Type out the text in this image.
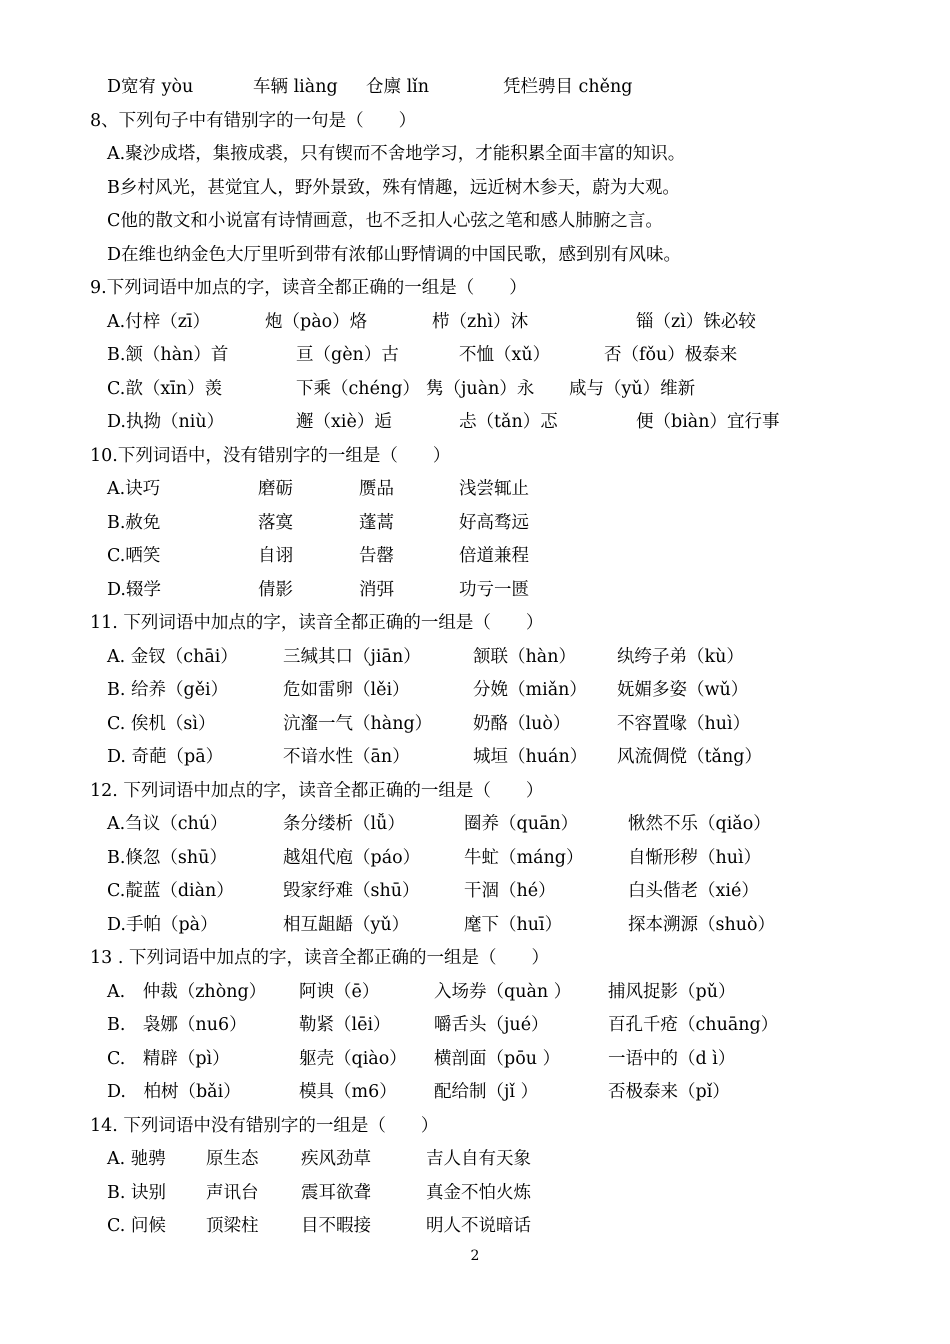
D宽宥 yòu	车辆 liàng 仓廪 lǐn	凭栏骋目 chěng
8、下列句子中有错别字的一句是（　　）
A.聚沙成塔，集掖成裘，只有锲而不舍地学习，才能积累全面丰富的知识。
B乡村风光，甚觉宜人，野外景致，殊有情趣，远近树木参天，蔚为大观。
C他的散文和小说富有诗情画意，也不乏扣人心弦之笔和感人肺腑之言。
D在维也纳金色大厅里听到带有浓郁山野情调的中国民歌，感到别有风味。
9.下列词语中加点的字，读音全都正确的一组是（　　）
A.付梓（zī）	炮（pào）烙	栉（zhì）沐	锱（zì）铢必较
B.颔（hàn）首	亘（gèn）古	不恤（xǔ）	否（fǒu）极泰来
C.歆（xīn）羡	下乘（chéng） 隽（juàn）永 咸与（yǔ）维新
D.执拗（niù）	邂（xiè）逅	忐（tǎn）忑	便（biàn）宜行事
10.下列词语中，没有错别字的一组是（　　）
A.诀巧	磨砺	赝品	浅尝辄止
B.赦免	落寞	蓬蒿	好高骛远
C.哂笑	自诩	告罄	倍道兼程
D.辍学	倩影	消弭	功亏一匮
11. 下列词语中加点的字，读音全都正确的一组是（　　）
A. 金钗（chāi）	三缄其口（jiān）	颔联（hàn） 纨绔子弟（kù）
B. 给养（gěi）	危如雷卵（lěi）	分娩（miǎn） 妩媚多姿（wǔ）
C. 俟机（sì）	沆瀣一气（hàng） 奶酪（luò）	不容置喙（huì）
D. 奇葩（pā）	不谙水性（ān）	城垣（huán） 风流倜傥（tǎng）
12. 下列词语中加点的字，读音全都正确的一组是（　　）
A.刍议（chú）	条分缕析（lǚ）	圈养（quān）	愀然不乐（qiǎo）
B.倏忽（shū）	越俎代庖（páo）	牛虻（máng）	自惭形秽（huì）
C.靛蓝（diàn）	毁家纾难（shū）	干涸（hé）	白头偕老（xié）
D.手帕（pà）	相互龃龉（yǔ）	麾下（huī）	探本溯源（shuò）
13 . 下列词语中加点的字，读音全都正确的一组是（　　）
A.　仲裁（zhòng） 阿谀（ē）	入场券（quàn ） 捕风捉影（pǔ）
B.　袅娜（nu6）	勒紧（lēi） 嚼舌头（jué）	百孔千疮（chuāng）
C.　精辟（pì）	躯壳（qiào） 横剖面（pōu ）	一语中的（d ì）
D.　柏树（bǎi）	模具（m6） 配给制（jǐ ）	否极泰来（pǐ）
14. 下列词语中没有错别字的一组是（　　）
A. 驰骋 原生态 疾风劲草	吉人自有天象
B. 诀别 声讯台 震耳欲聋	真金不怕火炼
C. 问候 顶梁柱 目不暇接	明人不说暗话
2
